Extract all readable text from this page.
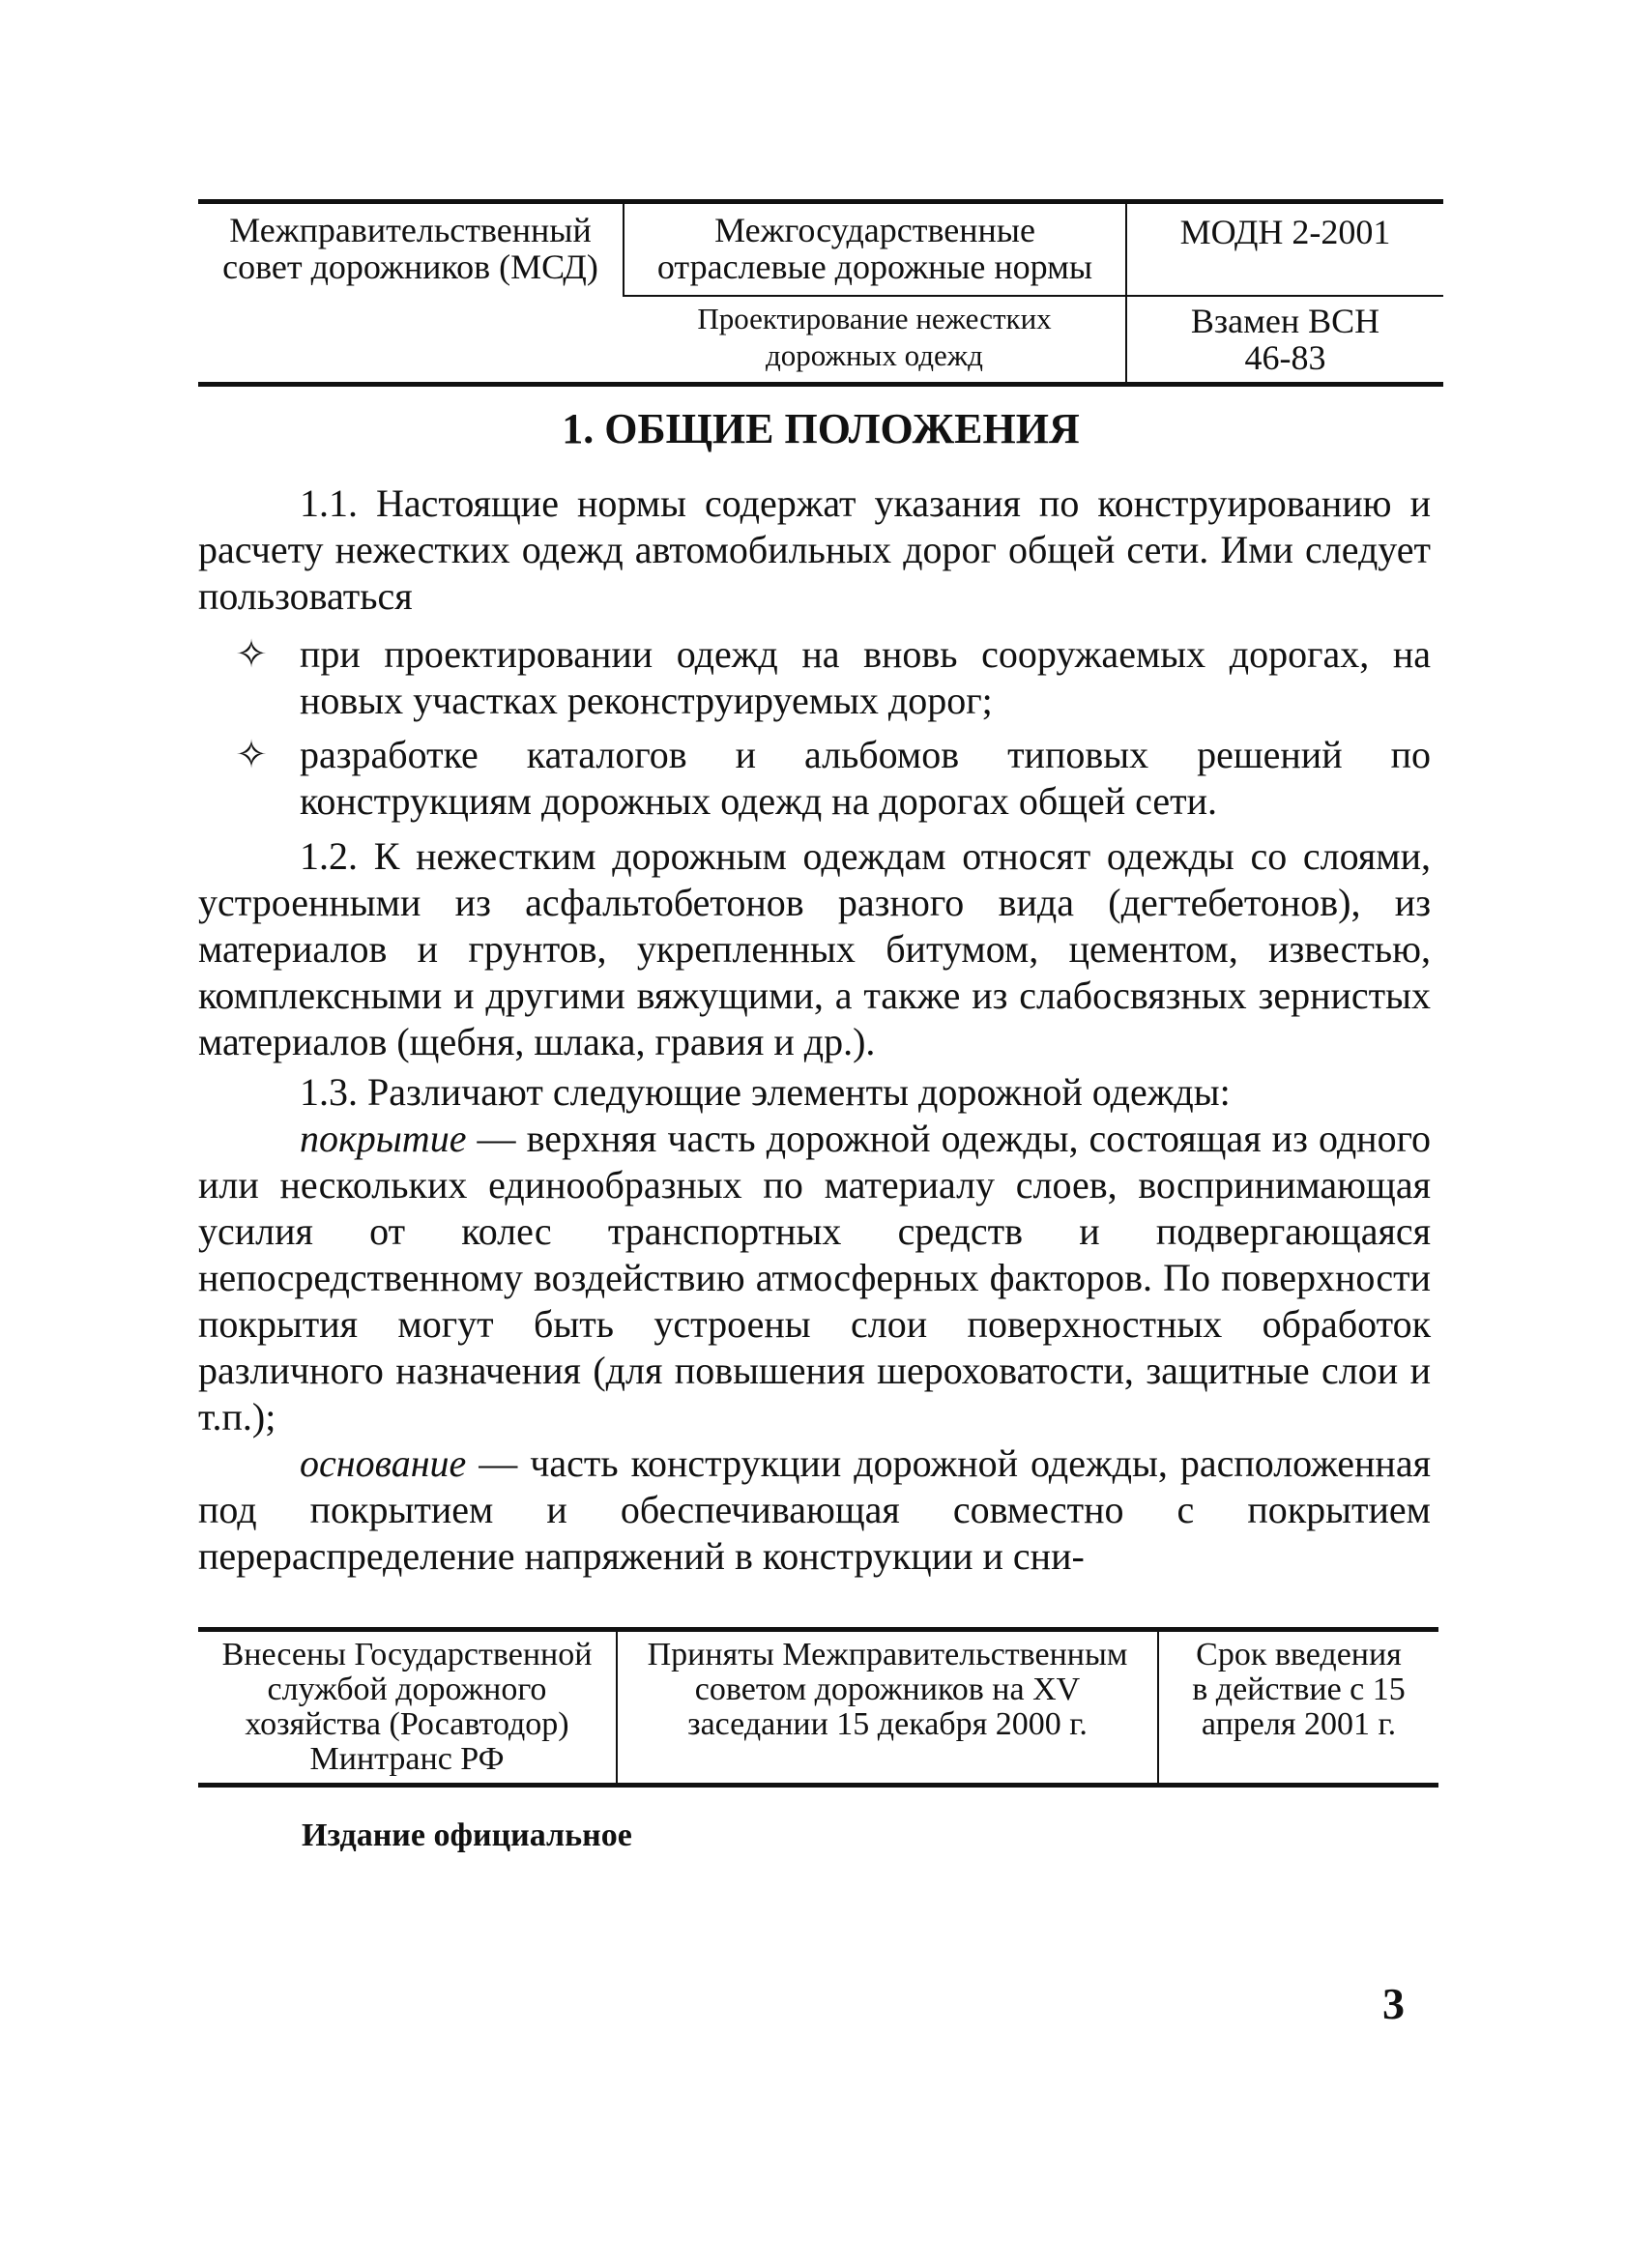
Межправительственный совет дорожников (МСД)	Межгосударственные отраслевые дорожные нормы	МОДН 2-2001
	Проектирование нежестких дорожных одежд	Взамен ВСН 46-83
1. ОБЩИЕ ПОЛОЖЕНИЯ
1.1. Настоящие нормы содержат указания по конструированию и расчету нежестких одежд автомобильных дорог общей сети. Ими следует пользоваться
✧ при проектировании одежд на вновь сооружаемых дорогах, на новых участках реконструируемых дорог;
✧ разработке каталогов и альбомов типовых решений по конструкциям дорожных одежд на дорогах общей сети.
1.2. К нежестким дорожным одеждам относят одежды со слоями, устроенными из асфальтобетонов разного вида (дегтебетонов), из материалов и грунтов, укрепленных битумом, цементом, известью, комплексными и другими вяжущими, а также из слабосвязных зернистых материалов (щебня, шлака, гравия и др.).
1.3. Различают следующие элементы дорожной одежды:
покрытие — верхняя часть дорожной одежды, состоящая из одного или нескольких единообразных по материалу слоев, воспринимающая усилия от колес транспортных средств и подвергающаяся непосредственному воздействию атмосферных факторов. По поверхности покрытия могут быть устроены слои поверхностных обработок различного назначения (для повышения шероховатости, защитные слои и т.п.);
основание — часть конструкции дорожной одежды, расположенная под покрытием и обеспечивающая совместно с покрытием перераспределение напряжений в конструкции и сни-
Внесены Государственной службой дорожного хозяйства (Росавтодор) Минтранс РФ	Приняты Межправительственным советом дорожников на XV заседании 15 декабря 2000 г.	Срок введения в действие с 15 апреля 2001 г.
Издание официальное
3
